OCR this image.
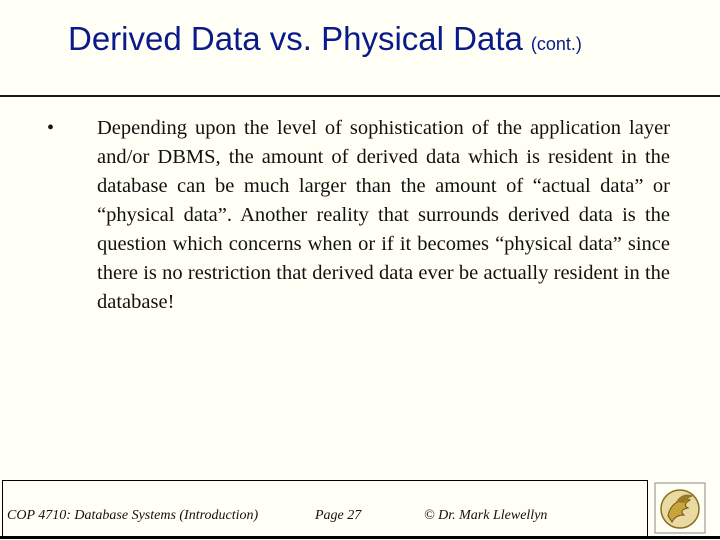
Derived Data vs. Physical Data (cont.)
• Depending upon the level of sophistication of the application layer and/or DBMS, the amount of derived data which is resident in the database can be much larger than the amount of “actual data” or “physical data”. Another reality that surrounds derived data is the question which concerns when or if it becomes “physical data” since there is no restriction that derived data ever be actually resident in the database!
COP 4710: Database Systems (Introduction)	Page 27	© Dr. Mark Llewellyn
